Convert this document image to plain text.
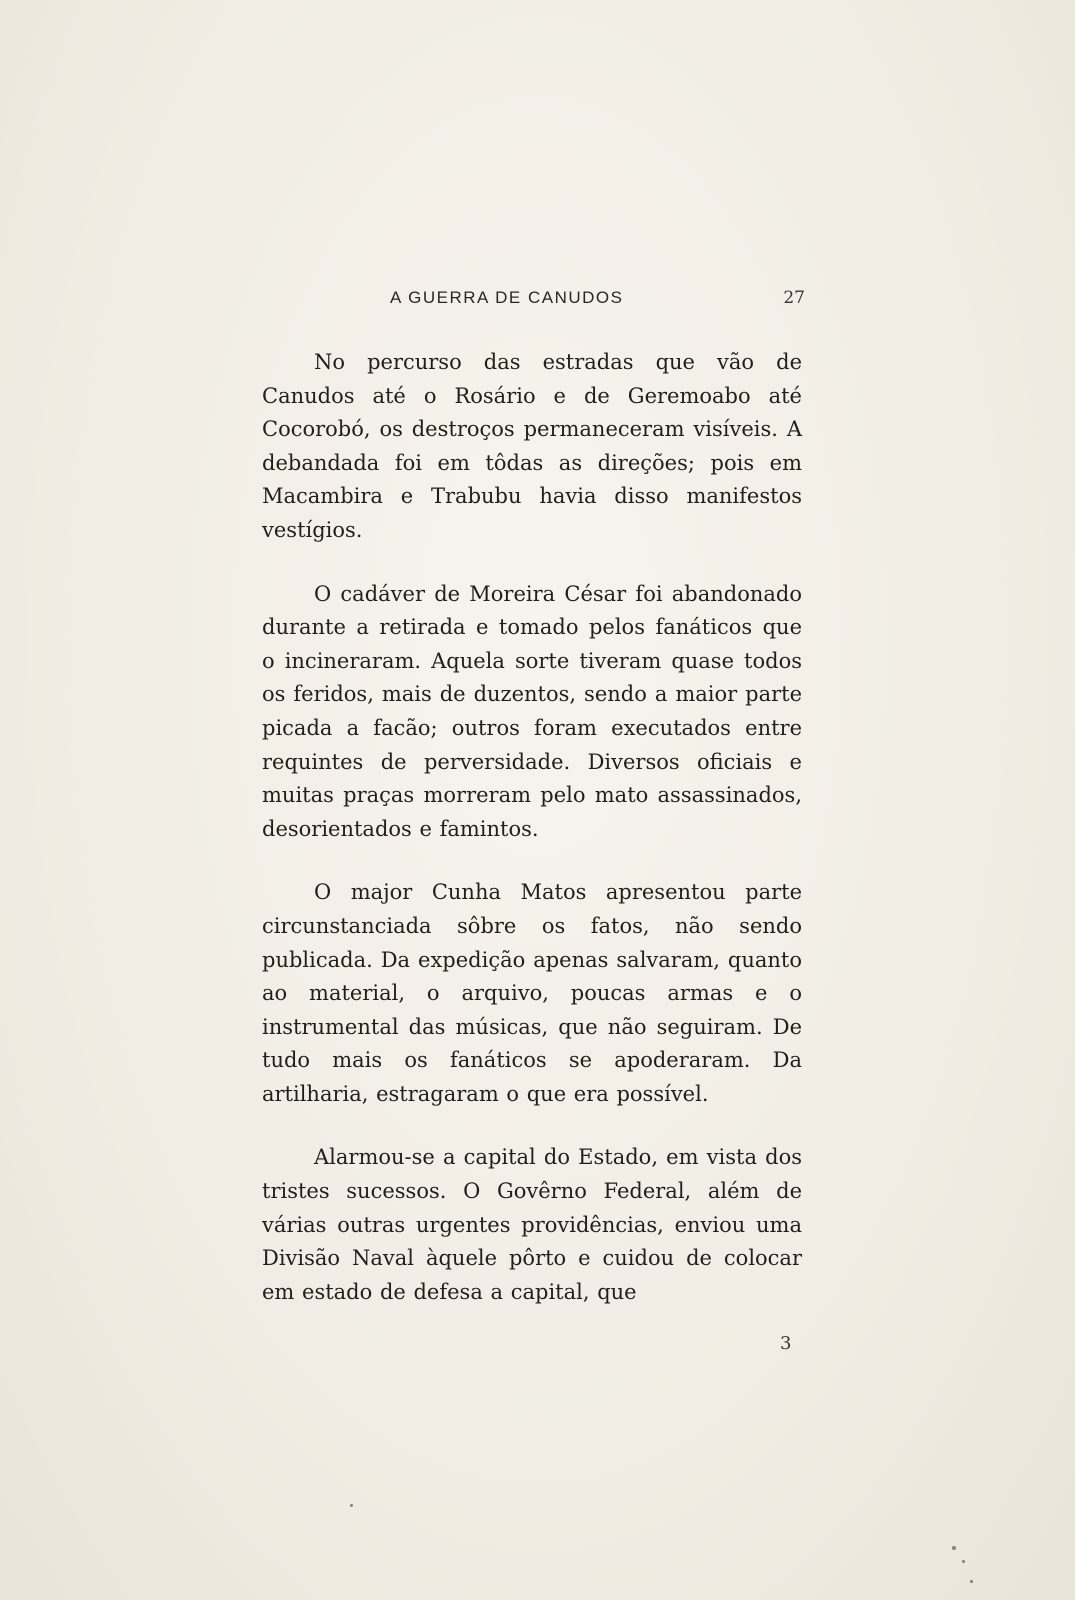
A GUERRA DE CANUDOS	27

No percurso das estradas que vão de Canudos até o Rosário e de Geremoabo até Cocorobó, os destroços permaneceram visíveis. A debandada foi em tôdas as direções; pois em Macambira e Trabubu havia disso manifestos vestígios.

O cadáver de Moreira César foi abandonado durante a retirada e tomado pelos fanáticos que o incineraram. Aquela sorte tiveram quase todos os feridos, mais de duzentos, sendo a maior parte picada a facão; outros foram executados entre requintes de perversidade. Diversos oficiais e muitas praças morreram pelo mato assassinados, desorientados e famintos.

O major Cunha Matos apresentou parte circunstanciada sôbre os fatos, não sendo publicada. Da expedição apenas salvaram, quanto ao material, o arquivo, poucas armas e o instrumental das músicas, que não seguiram. De tudo mais os fanáticos se apoderaram. Da artilharia, estragaram o que era possível.

Alarmou-se a capital do Estado, em vista dos tristes sucessos. O Govêrno Federal, além de várias outras urgentes providências, enviou uma Divisão Naval àquele pôrto e cuidou de colocar em estado de defesa a capital, que

3
